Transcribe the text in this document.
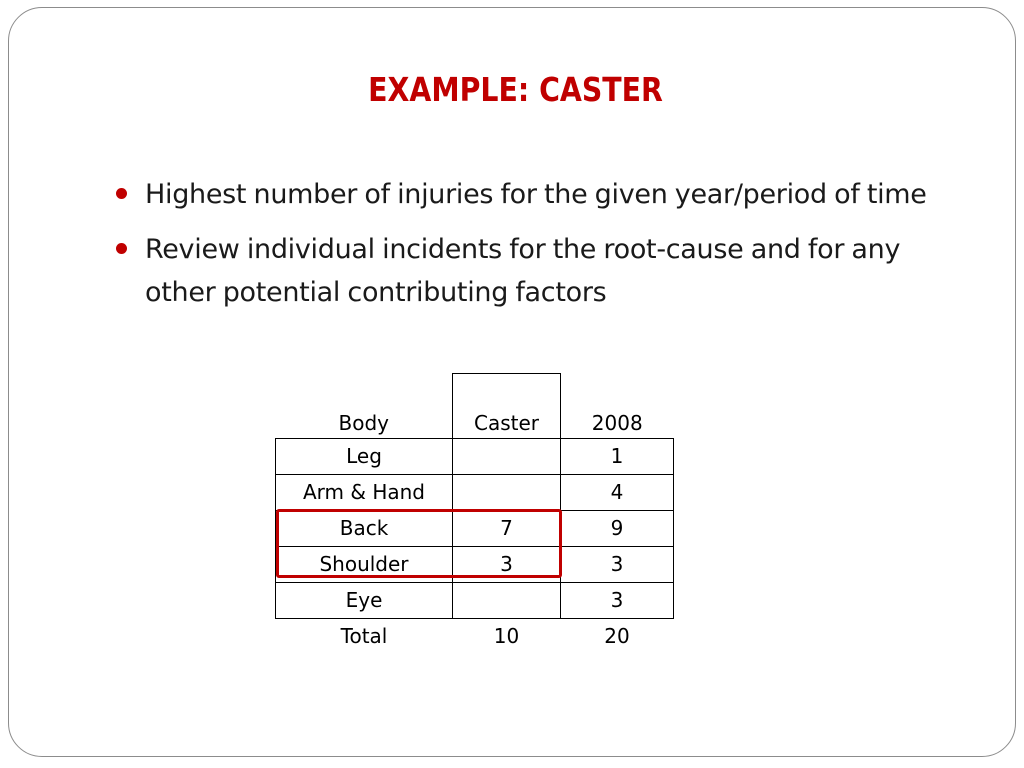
EXAMPLE: CASTER
Highest number of injuries for the given year/period of time
Review individual incidents for the root-cause and for any other potential contributing factors
Body	Caster	2008
Leg		1
Arm & Hand		4
Back	7	9
Shoulder	3	3
Eye		3
Total	10	20
